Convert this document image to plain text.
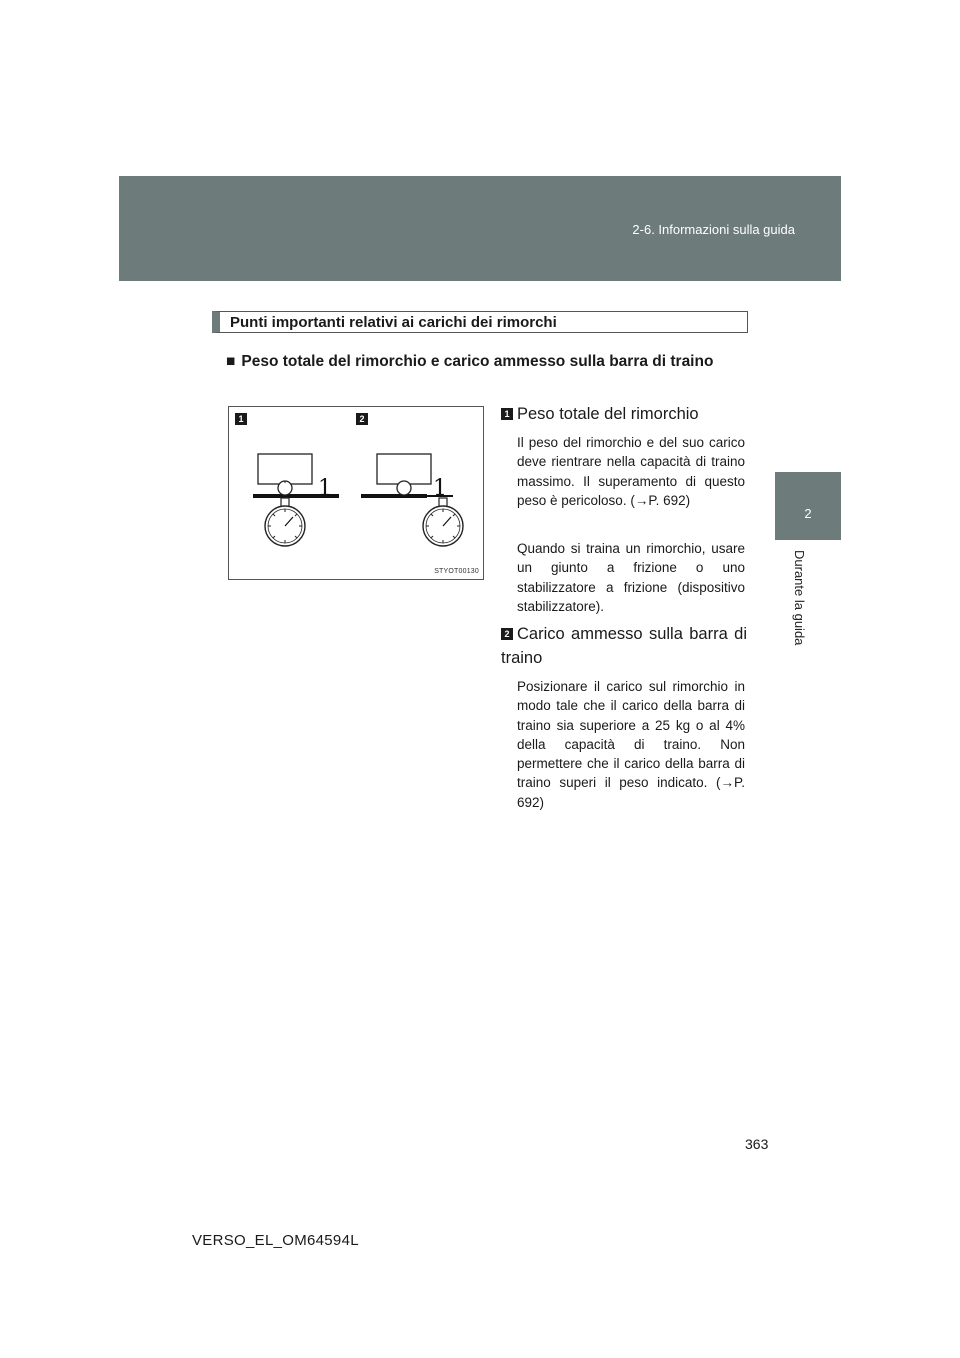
2-6. Informazioni sulla guida
2
Durante la guida
Punti importanti relativi ai carichi dei rimorchi
■ Peso totale del rimorchio e carico ammesso sulla barra di traino
1	1
1	2
STYOT00130
1 Peso totale del rimorchio
Il peso del rimorchio e del suo carico deve rientrare nella capacità di traino massimo. Il superamento di questo peso è pericoloso. (→P. 692)
Quando si traina un rimorchio, usare un giunto a frizione o uno stabilizzatore a frizione (dispositivo stabilizzatore).
2 Carico ammesso sulla barra di traino
Posizionare il carico sul rimorchio in modo tale che il carico della barra di traino sia superiore a 25 kg o al 4% della capacità di traino. Non permettere che il carico della barra di traino superi il peso indicato. (→P. 692)
363
VERSO_EL_OM64594L
